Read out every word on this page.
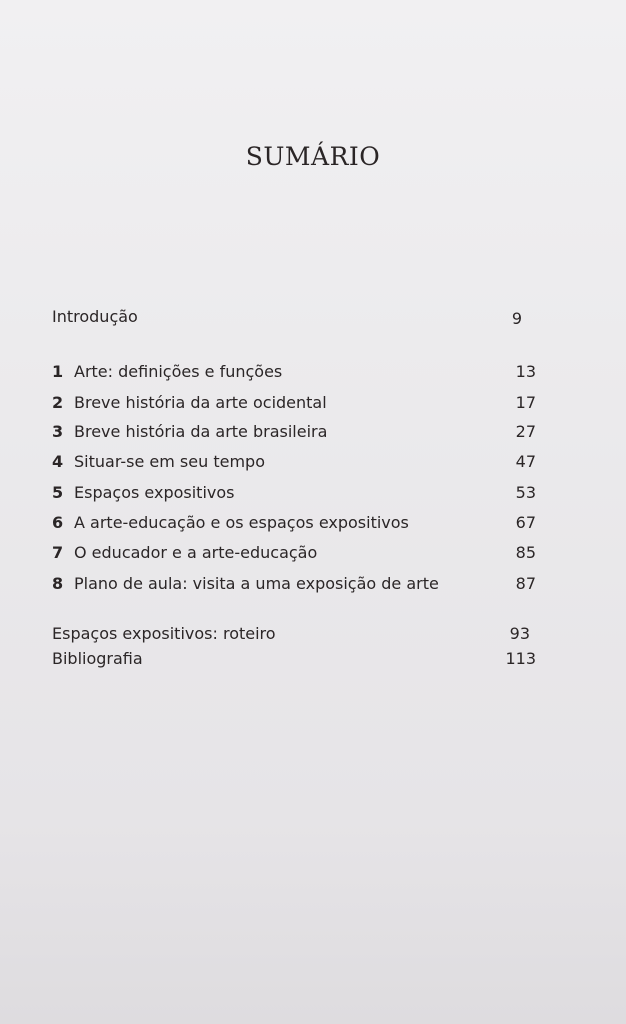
SUMÁRIO
Introdução	9
1 Arte: definições e funções	13
2 Breve história da arte ocidental	17
3 Breve história da arte brasileira	27
4 Situar-se em seu tempo	47
5 Espaços expositivos	53
6 A arte-educação e os espaços expositivos	67
7 O educador e a arte-educação	85
8 Plano de aula: visita a uma exposição de arte	87
Espaços expositivos: roteiro	93
Bibliografia	113
